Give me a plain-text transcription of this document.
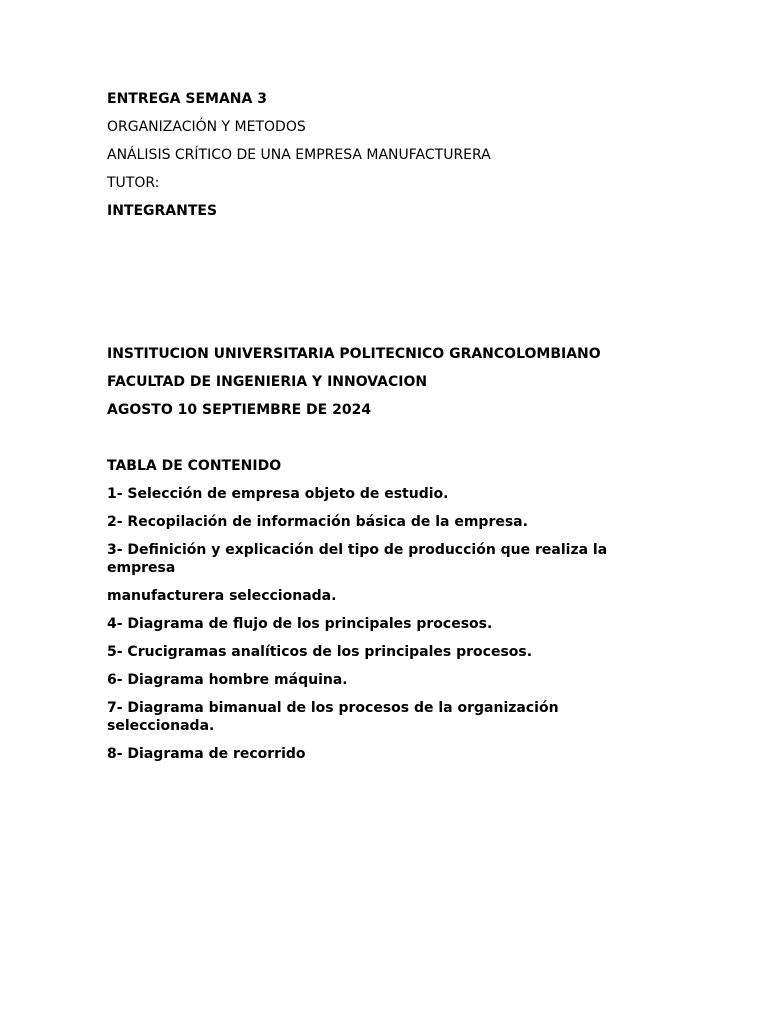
ENTREGA SEMANA 3

ORGANIZACIÓN Y METODOS

ANÁLISIS CRÍTICO DE UNA EMPRESA MANUFACTURERA

TUTOR:

INTEGRANTES

INSTITUCION UNIVERSITARIA POLITECNICO GRANCOLOMBIANO

FACULTAD DE INGENIERIA Y INNOVACION

AGOSTO 10 SEPTIEMBRE DE 2024

TABLA DE CONTENIDO

1- Selección de empresa objeto de estudio.

2- Recopilación de información básica de la empresa.

3- Definición y explicación del tipo de producción que realiza la empresa

manufacturera seleccionada.

4- Diagrama de flujo de los principales procesos.

5- Crucigramas analíticos de los principales procesos.

6- Diagrama hombre máquina.

7- Diagrama bimanual de los procesos de la organización seleccionada.

8- Diagrama de recorrido
